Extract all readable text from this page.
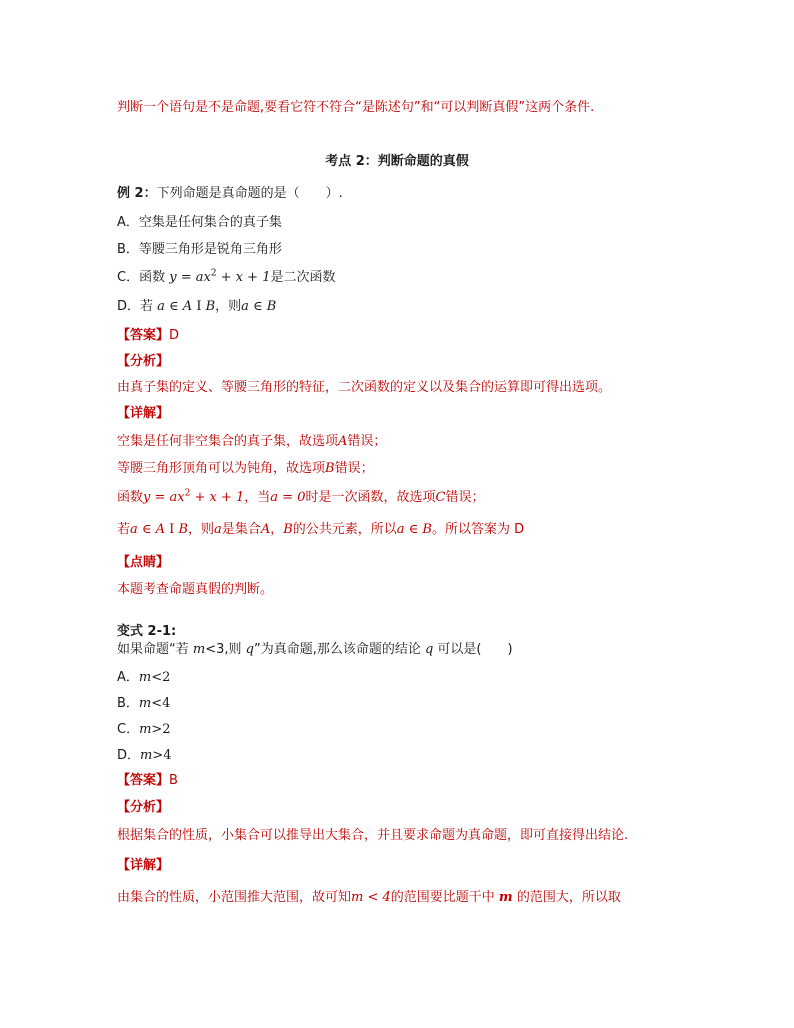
判断一个语句是不是命题,要看它符不符合“是陈述句”和“可以判断真假”这两个条件.
考点 2：判断命题的真假
例 2：下列命题是真命题的是（　　）.
A．空集是任何集合的真子集
B．等腰三角形是锐角三角形
C．函数 $y = ax^2 + x + 1$是二次函数
D．若 a ∈ A I B，则a ∈ B
【答案】D
【分析】
由真子集的定义、等腰三角形的特征，二次函数的定义以及集合的运算即可得出选项。
【详解】
空集是任何非空集合的真子集，故选项A错误；
等腰三角形顶角可以为钝角，故选项B错误；
函数$y = ax^2 + x + 1$，当a = 0时是一次函数，故选项C错误；
若a ∈ A I B，则a是集合A，B的公共元素，所以a ∈ B。所以答案为 D
【点睛】
本题考查命题真假的判断。
变式 2-1:
如果命题“若 m<3,则 q”为真命题,那么该命题的结论 q 可以是(　　)
A．m<2
B．m<4
C．m>2
D．m>4
【答案】B
【分析】
根据集合的性质，小集合可以推导出大集合，并且要求命题为真命题，即可直接得出结论.
【详解】
由集合的性质，小范围推大范围，故可知m < 4的范围要比题干中 m 的范围大，所以取
